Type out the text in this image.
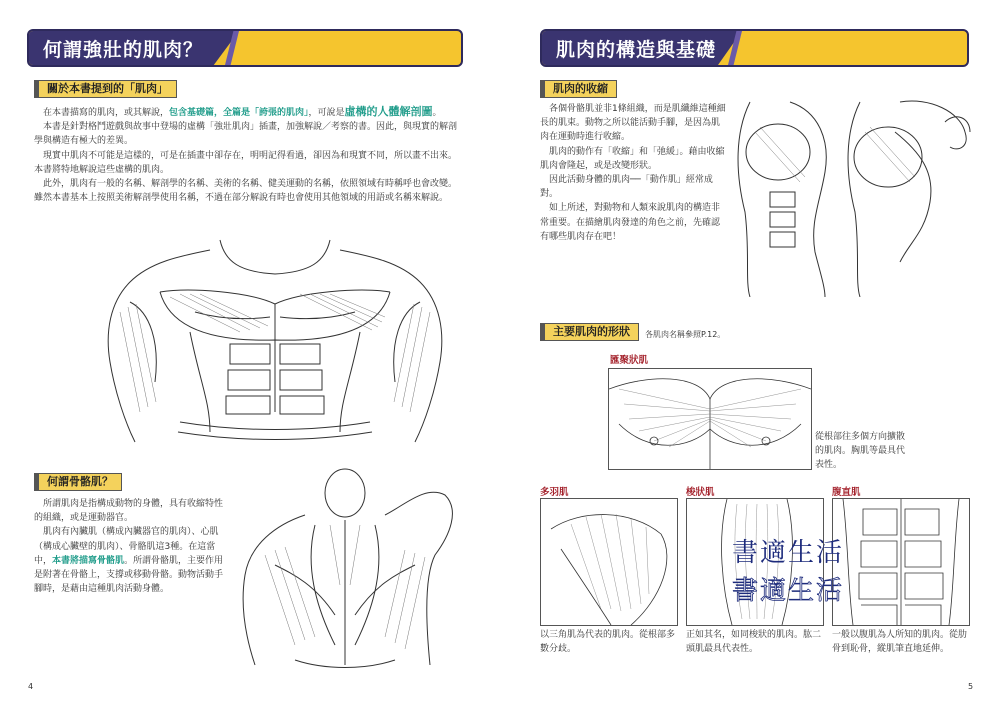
何謂強壯的肌肉？
關於本書提到的「肌肉」

在本書描寫的肌肉，或其解說，包含基礎篇，全篇是「誇張的肌肉」，可說是虛構的人體解剖圖。

本書是針對格鬥遊戲與故事中登場的虛構「強壯肌肉」插畫，加強解說／考察的書。因此，與現實的解剖學與構造有極大的差異。

現實中肌肉不可能是這樣的，可是在插畫中卻存在，明明記得看過，卻因為和現實不同，所以畫不出來。本書將特地解說這些虛構的肌肉。

此外，肌肉有一般的名稱、解剖學的名稱、美術的名稱、健美運動的名稱，依照領域有時稱呼也會改變。雖然本書基本上按照美術解剖學使用名稱，不過在部分解說有時也會使用其他領域的用語或名稱來解說。

何謂骨骼肌？

所謂肌肉是指構成動物的身體，具有收縮特性的組織，或是運動器官。

肌肉有內臟肌（構成內臟器官的肌肉）、心肌（構成心臟壁的肌肉）、骨骼肌這3種。在這當中，本書將描寫骨骼肌。所謂骨骼肌，主要作用是附著在骨骼上，支撐或移動骨骼。動物活動手腳時，是藉由這種肌肉活動身體。

4
肌肉的構造與基礎
肌肉的收縮

各個骨骼肌並非1條組織，而是肌纖維這種細長的肌束。動物之所以能活動手腳，是因為肌肉在運動時進行收縮。

肌肉的動作有「收縮」和「弛緩」。藉由收縮肌肉會隆起，或是改變形狀。

因此活動身體的肌肉──「動作肌」經常成對。

如上所述，對動物和人類來說肌肉的構造非常重要。在描繪肌肉發達的角色之前，先確認有哪些肌肉存在吧！

主要肌肉的形狀	各肌肉名稱參照P.12。
匯聚狀肌
從根部往多個方向擴散的肌肉。胸肌等最具代表性。
多羽肌
以三角肌為代表的肌肉。從根部多數分歧。
梭狀肌
正如其名，如同梭狀的肌肉。肱二頭肌最具代表性。
腹直肌
一般以腹肌為人所知的肌肉。從肋骨到恥骨，縱肌筆直地延伸。
書適生活
書適生活
5
